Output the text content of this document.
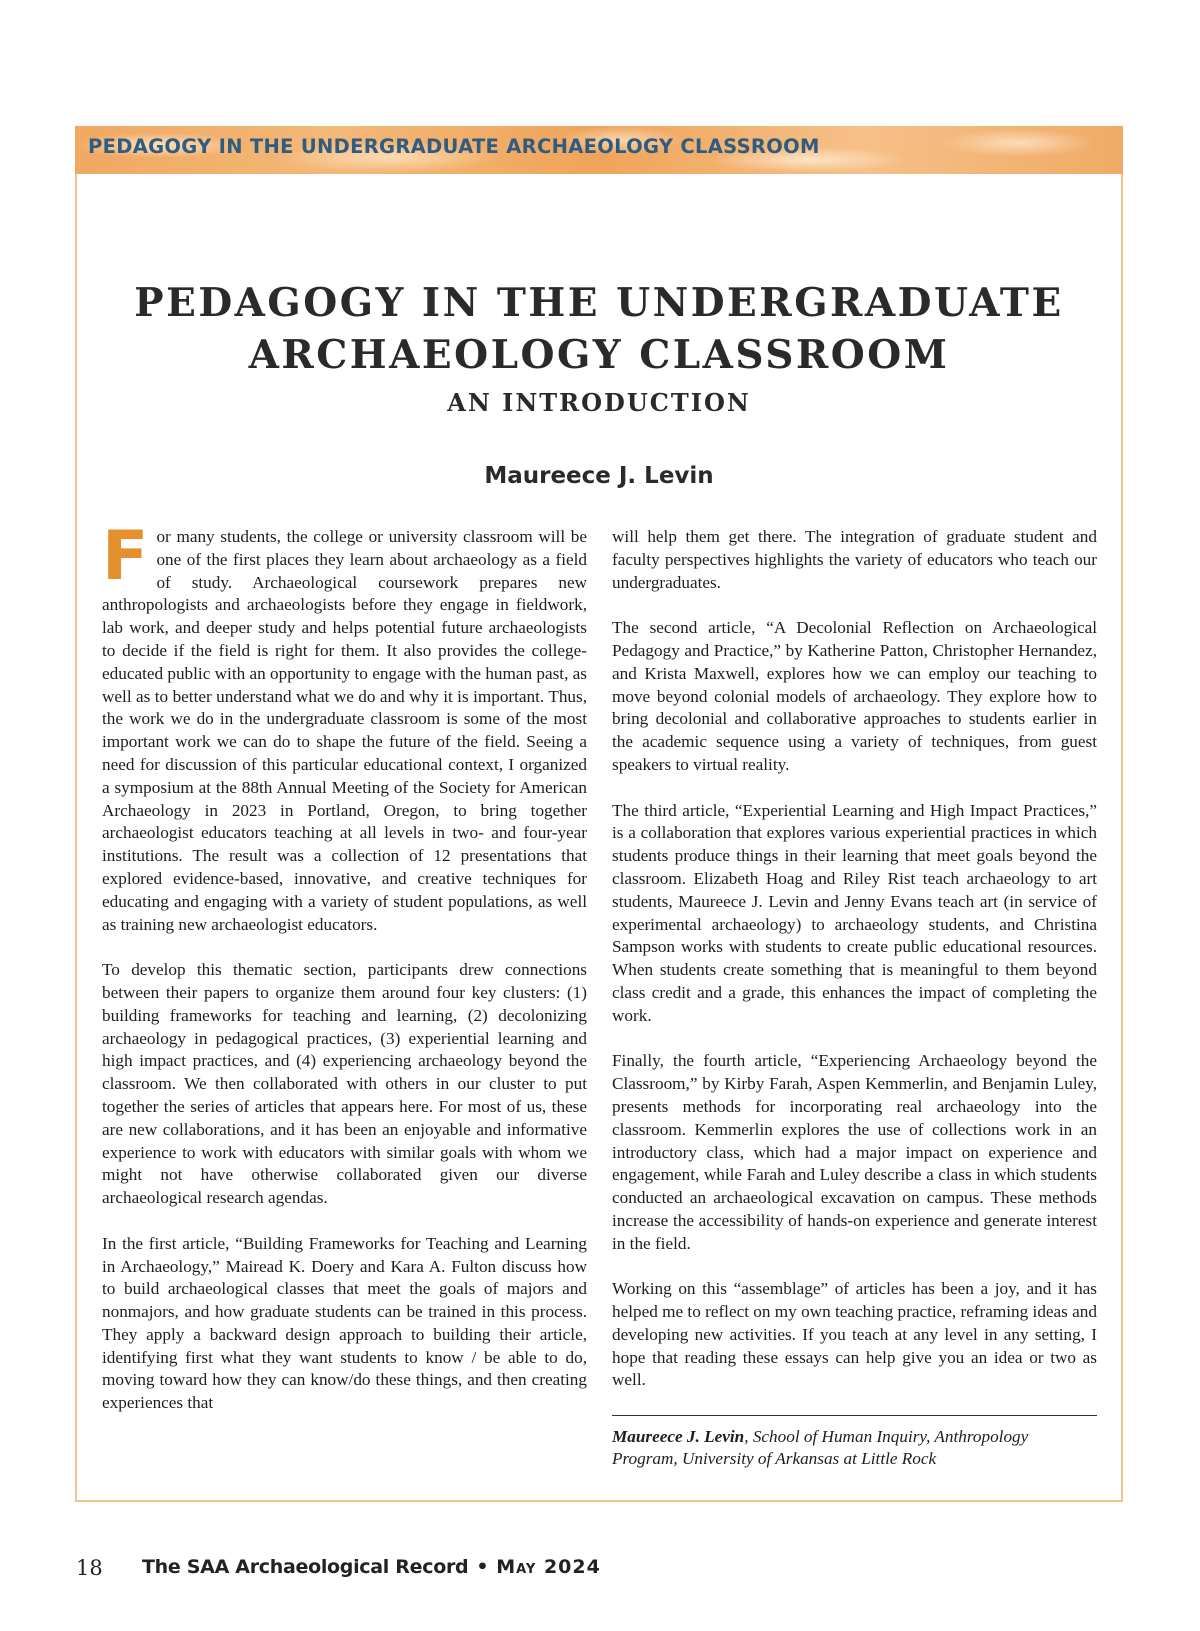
PEDAGOGY IN THE UNDERGRADUATE ARCHAEOLOGY CLASSROOM
PEDAGOGY IN THE UNDERGRADUATE
ARCHAEOLOGY CLASSROOM
AN INTRODUCTION
Maureece J. Levin

For many students, the college or university classroom will be one of the first places they learn about archaeology as a field of study. Archaeological coursework prepares new anthropologists and archaeologists before they engage in fieldwork, lab work, and deeper study and helps potential future archaeologists to decide if the field is right for them. It also provides the college-educated public with an opportunity to engage with the human past, as well as to better understand what we do and why it is important. Thus, the work we do in the undergraduate classroom is some of the most important work we can do to shape the future of the field. Seeing a need for discussion of this particular educational context, I organized a symposium at the 88th Annual Meeting of the Society for American Archaeology in 2023 in Portland, Oregon, to bring together archaeologist educators teaching at all levels in two- and four-year institutions. The result was a collection of 12 presentations that explored evidence-based, innovative, and creative techniques for educating and engaging with a variety of student populations, as well as training new archaeologist educators.

To develop this thematic section, participants drew connections between their papers to organize them around four key clusters: (1) building frameworks for teaching and learning, (2) decolonizing archaeology in pedagogical practices, (3) experiential learning and high impact practices, and (4) experiencing archaeology beyond the classroom. We then collaborated with others in our cluster to put together the series of articles that appears here. For most of us, these are new collaborations, and it has been an enjoyable and informative experience to work with educators with similar goals with whom we might not have otherwise collaborated given our diverse archaeological research agendas.

In the first article, “Building Frameworks for Teaching and Learning in Archaeology,” Mairead K. Doery and Kara A. Fulton discuss how to build archaeological classes that meet the goals of majors and nonmajors, and how graduate students can be trained in this process. They apply a backward design approach to building their article, identifying first what they want students to know / be able to do, moving toward how they can know/do these things, and then creating experiences that

will help them get there. The integration of graduate student and faculty perspectives highlights the variety of educators who teach our undergraduates.

The second article, “A Decolonial Reflection on Archaeological Pedagogy and Practice,” by Katherine Patton, Christopher Hernandez, and Krista Maxwell, explores how we can employ our teaching to move beyond colonial models of archaeology. They explore how to bring decolonial and collaborative approaches to students earlier in the academic sequence using a variety of techniques, from guest speakers to virtual reality.

The third article, “Experiential Learning and High Impact Practices,” is a collaboration that explores various experiential practices in which students produce things in their learning that meet goals beyond the classroom. Elizabeth Hoag and Riley Rist teach archaeology to art students, Maureece J. Levin and Jenny Evans teach art (in service of experimental archaeology) to archaeology students, and Christina Sampson works with students to create public educational resources. When students create something that is meaningful to them beyond class credit and a grade, this enhances the impact of completing the work.

Finally, the fourth article, “Experiencing Archaeology beyond the Classroom,” by Kirby Farah, Aspen Kemmerlin, and Benjamin Luley, presents methods for incorporating real archaeology into the classroom. Kemmerlin explores the use of collections work in an introductory class, which had a major impact on experience and engagement, while Farah and Luley describe a class in which students conducted an archaeological excavation on campus. These methods increase the accessibility of hands-on experience and generate interest in the field.

Working on this “assemblage” of articles has been a joy, and it has helped me to reflect on my own teaching practice, reframing ideas and developing new activities. If you teach at any level in any setting, I hope that reading these essays can help give you an idea or two as well.

Maureece J. Levin, School of Human Inquiry, Anthropology Program, University of Arkansas at Little Rock
18 The SAA Archaeological Record • May 2024
